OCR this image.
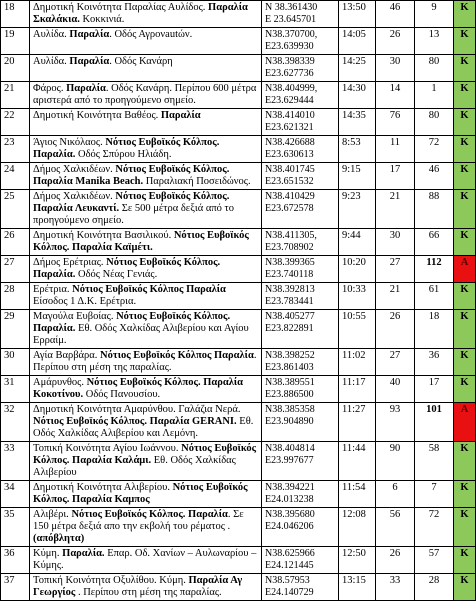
18	Δημοτική Κοινότητα Παραλίας Αυλίδος. Παραλία Σκαλάκια. Κοκκινιά.	N 38.361430
E 23.645701	13:50	46	9	K
19	Αυλίδα. Παραλία. Οδός Αγρονautών.	N38.370700,
E23.639930	14:05	26	13	K
20	Αυλίδα. Παραλία. Οδός Κανάρη	N38.398339
E23.627736	14:25	30	80	K
21	Φάρος. Παραλία. Οδός Κανάρη. Περίπου 600 μέτρα αριστερά από το προηγούμενο σημείο.	N38.404999,
E23.629444	14:30	14	1	K
22	Δημοτική Κοινότητα Βαθέος. Παραλία	N38.414010
E23.621321	14:35	76	80	K
23	Άγιος Νικόλαος. Νότιος Ευβοϊκός Κόλπος. Παραλία. Οδός Σπύρου Ηλιάδη.	N38.426688
E23.630613	8:53	11	72	K
24	Δήμος Χαλκιδέων. Νότιος Ευβοϊκός Κόλπος. Παραλία Manika Beach. Παραλιακή Ποσειδώνος.	N38.401745
E23.651532	9:15	17	46	K
25	Δήμος Χαλκιδέων. Νότιος Ευβοϊκός Κόλπος. Παραλία Λευκαντί. Σε 500 μέτρα δεξιά από το προηγούμενο σημείο.	N38.410429
E23.672578	9:23	21	88	K
26	Δημοτική Κοινότητα Βασιλικού. Νότιος Ευβοϊκός Κόλπος. Παραλία Καϊμέτι.	N38.411305,
E23.708902	9:44	30	66	K
27	Δήμος Ερέτριας. Νότιος Ευβοϊκός Κόλπος. Παραλία. Οδός Νέας Γενιάς.	N38.399365
E23.740118	10:20	27	112	A
28	Ερέτρια. Νότιος Ευβοϊκός Κόλπος Παραλία Είσοδος 1 Δ.Κ. Ερέτρια.	N38.392813
E23.783441	10:33	21	61	K
29	Μαγούλα Ευβοίας. Νότιος Ευβοϊκός Κόλπος. Παραλία. Εθ. Οδός Χαλκίδας Αλιβερίου και Αγίου Ερραίμ.	N38.405277
E23.822891	10:55	26	18	K
30	Αγία Βαρβάρα. Νότιος Ευβοϊκός Κόλπος Παραλία. Περίπου στη μέση της παραλίας.	N38.398252
E23.861403	11:02	27	36	K
31	Αμάρυνθος. Νότιος Ευβοϊκός Κόλπος. Παραλία Κοκοτίνου. Οδός Πανουσίου.	N38.389551
E23.886500	11:17	40	17	K
32	Δημοτική Κοινότητα Αμαρύνθου. Γαλάζια Νερά. Νότιος Ευβοϊκός Κόλπος. Παραλία GERANI. Εθ. Οδός Χαλκίδας Αλιβερίου και Λεμόνη.	N38.385358
E23.904890	11:27	93	101	A
33	Τοπική Κοινότητα Αγίου Ιωάννου. Νότιος Ευβοϊκός Κόλπος. Παραλία Καλάμι. Εθ. Οδός Χαλκίδας Αλιβερίου	N38.404814
E23.997677	11:44	90	58	K
34	Δημοτική Κοινότητα Αλιβερίου. Νότιος Ευβοϊκός Κόλπος. Παραλία Καμπος	N38.394221
E24.013238	11:54	6	7	K
35	Αλιβέρι. Νότιος Ευβοϊκός Κόλπος. Παραλία. Σε 150 μέτρα δεξιά απο την εκβολή του ρέματος . (απόβλητα)	N38.395680
E24.046206	12:08	56	72	K
36	Κύμη. Παραλία. Επαρ. Οδ. Χανίων – Αυλωναρίου – Κύμης.	N38.625966
E24.121445	12:50	26	57	K
37	Τοπική Κοινότητα Οξυλίθου. Κύμη. Παραλία Αγ Γεωργίος . Περίπου στη μέση της παραλίας.	N38.57953
E24.140729	13:15	33	28	K
